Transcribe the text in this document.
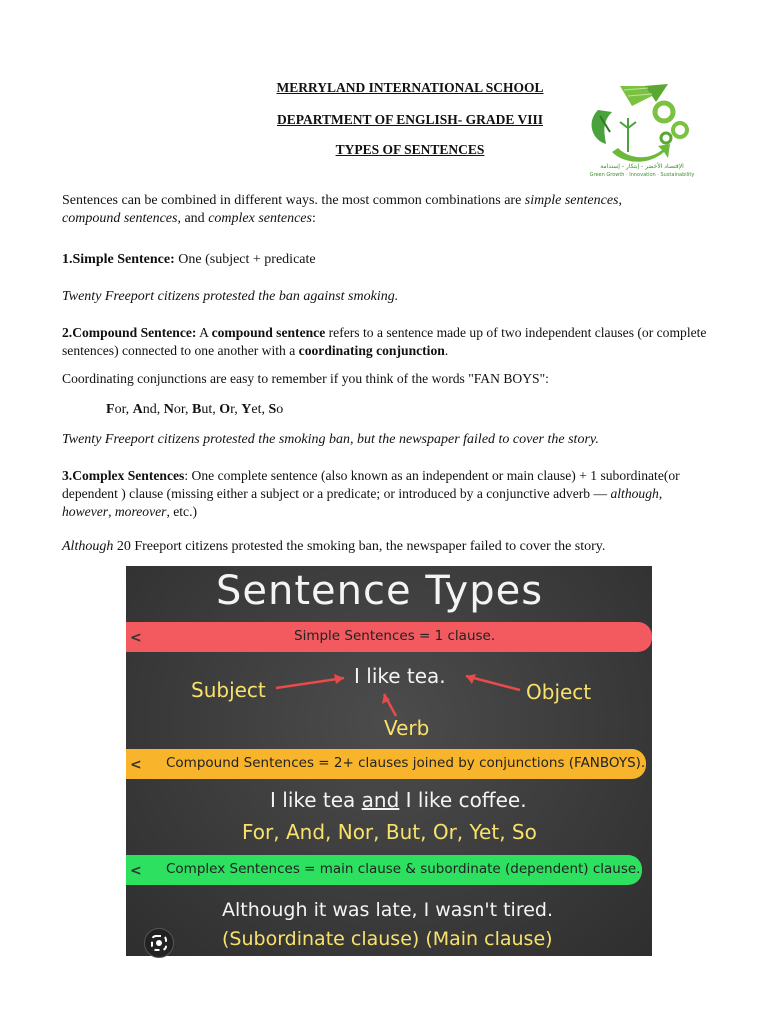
MERRYLAND INTERNATIONAL SCHOOL
DEPARTMENT OF ENGLISH- GRADE VIII
TYPES OF SENTENCES
الإقتصاد الأخضر - إبتكار - إستدامة
Green Growth · Innovation · Sustainability
Sentences can be combined in different ways. the most common combinations are simple sentences,
compound sentences, and complex sentences:
1.Simple Sentence: One (subject + predicate
Twenty Freeport citizens protested the ban against smoking.
2.Compound Sentence: A compound sentence refers to a sentence made up of two independent clauses (or complete sentences) connected to one another with a coordinating conjunction.
Coordinating conjunctions are easy to remember if you think of the words "FAN BOYS":
For, And, Nor, But, Or, Yet, So
Twenty Freeport citizens protested the smoking ban, but the newspaper failed to cover the story.
3.Complex Sentences: One complete sentence (also known as an independent or main clause) + 1 subordinate(or dependent ) clause (missing either a subject or a predicate; or introduced by a conjunctive adverb — although, however, moreover, etc.)
Although 20 Freeport citizens protested the smoking ban, the newspaper failed to cover the story.
Sentence Types
<	Simple Sentences = 1 clause.
Subject
I like tea.
Object
Verb
< Compound Sentences = 2+ clauses joined by conjunctions (FANBOYS).
I like tea and I like coffee.
For, And, Nor, But, Or, Yet, So
< Complex Sentences = main clause & subordinate (dependent) clause.
Although it was late, I wasn't tired.
(Subordinate clause) (Main clause)
